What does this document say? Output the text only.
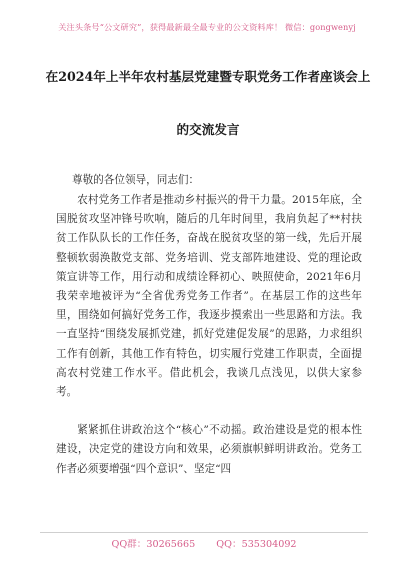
关注头条号“公文研究”，获得最新最全最专业的公文资料库！ 微信：gongwenyj
在2024年上半年农村基层党建暨专职党务工作者座谈会上
的交流发言
尊敬的各位领导，同志们：

农村党务工作者是推动乡村振兴的骨干力量。2015年底，全国脱贫攻坚冲锋号吹响，随后的几年时间里，我肩负起了**村扶贫工作队队长的工作任务，奋战在脱贫攻坚的第一线，先后开展整顿软弱涣散党支部、党务培训、党支部阵地建设、党的理论政策宣讲等工作，用行动和成绩诠释初心、映照使命，2021年6月我荣幸地被评为“全省优秀党务工作者”。在基层工作的这些年里，围绕如何搞好党务工作，我逐步摸索出一些思路和方法。我一直坚持“围绕发展抓党建，抓好党建促发展”的思路，力求组织工作有创新，其他工作有特色，切实履行党建工作职责，全面提高农村党建工作水平。借此机会，我谈几点浅见，以供大家参考。

紧紧抓住讲政治这个“核心”不动摇。政治建设是党的根本性建设，决定党的建设方向和效果，必须旗帜鲜明讲政治。党务工作者必须要增强“四个意识”、坚定“四

QQ群：30265665 QQ：535304092
